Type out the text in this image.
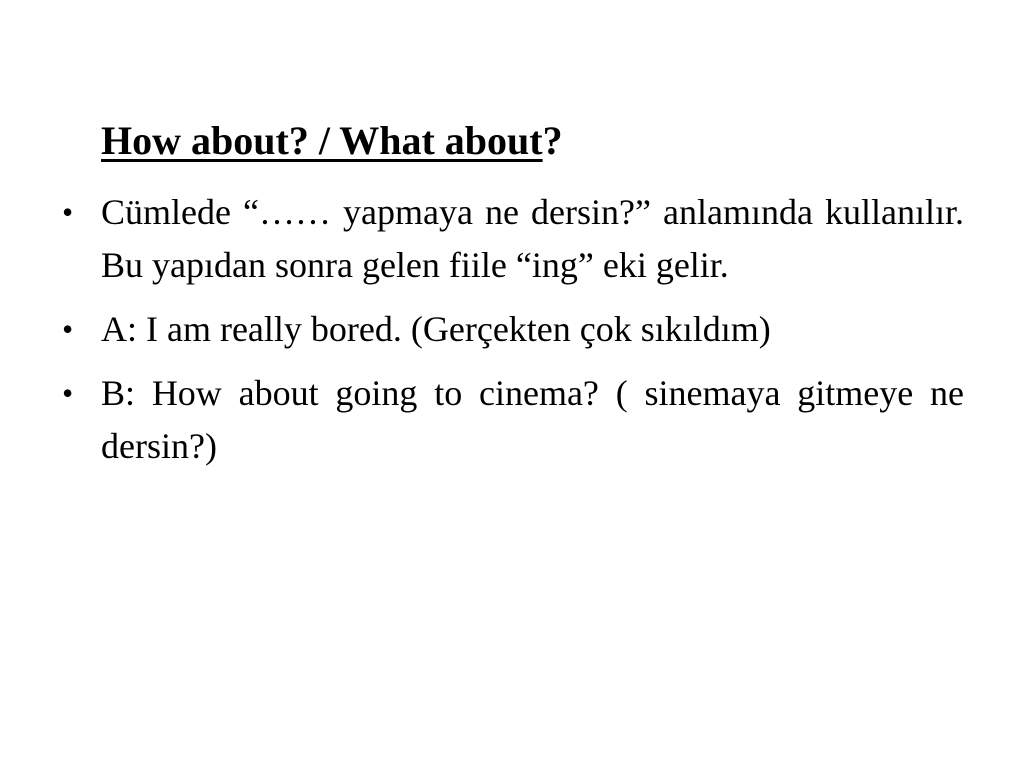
How about? / What about?
• Cümlede “…… yapmaya ne dersin?” anlamında kullanılır. Bu yapıdan sonra gelen fiile “ing” eki gelir.
• A: I am really bored. (Gerçekten çok sıkıldım)
• B: How about going to cinema? ( sinemaya gitmeye ne dersin?)
